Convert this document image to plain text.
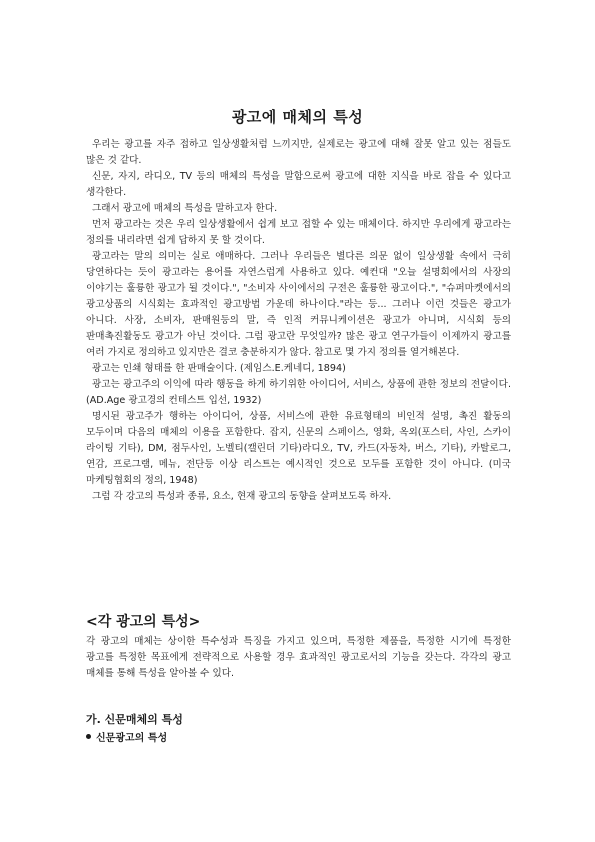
광고에 매체의 특성

우리는 광고를 자주 접하고 일상생활처럼 느끼지만, 실제로는 광고에 대해 잘못 알고 있는 점들도 많은 것 같다.

신문, 자지, 라디오, TV 등의 매체의 특성을 말함으로써 광고에 대한 지식을 바로 잡을 수 있다고 생각한다.

그래서 광고에 매체의 특성을 말하고자 한다.

먼저 광고라는 것은 우리 일상생활에서 쉽게 보고 접할 수 있는 매체이다. 하지만 우리에게 광고라는 정의를 내리라면 쉽게 답하지 못 할 것이다.

광고라는 말의 의미는 실로 애매하다. 그러나 우리들은 별다른 의문 없이 일상생활 속에서 극히 당연하다는 듯이 광고라는 용어를 자연스럽게 사용하고 있다. 예컨대 "오늘 설명회에서의 사장의 이야기는 훌륭한 광고가 될 것이다.", "소비자 사이에서의 구전은 훌륭한 광고이다.", "슈퍼마켓에서의 광고상품의 시식회는 효과적인 광고방법 가운데 하나이다."라는 등... 그러나 이런 것들은 광고가 아니다. 사장, 소비자, 판매원등의 말, 즉 인적 커뮤니케이션은 광고가 아니며, 시식회 등의 판매촉진활동도 광고가 아닌 것이다. 그럼 광고란 무엇일까? 많은 광고 연구가들이 이제까지 광고를 여러 가지로 정의하고 있지만은 결코 충분하지가 않다. 참고로 몇 가지 정의를 열거해본다.

광고는 인쇄 형태를 한 판매술이다. (제임스.E.케네디, 1894)

광고는 광고주의 이익에 따라 행동을 하게 하기위한 아이디어, 서비스, 상품에 관한 정보의 전달이다. (AD.Age 광고경의 컨테스트 입선, 1932)

명시된 광고주가 행하는 아이디어, 상품, 서비스에 관한 유료형태의 비인적 설명, 촉진 활동의 모두이며 다음의 매체의 이용을 포함한다. 잡지, 신문의 스페이스, 영화, 옥외(포스터, 사인, 스카이 라이팅 기타), DM, 점두사인, 노벨티(캘린더 기타)라디오, TV, 카드(자동차, 버스, 기타), 카탈로그, 연감, 프로그램, 메뉴, 전단등 이상 리스트는 예시적인 것으로 모두를 포함한 것이 아니다. (미국 마케팅협회의 정의, 1948)

그럼 각 강고의 특성과 종류, 요소, 현재 광고의 동향을 살펴보도록 하자.

<각 광고의 특성>

각 광고의 매체는 상이한 특수성과 특징을 가지고 있으며, 특정한 제품을, 특정한 시기에 특정한 광고를 특정한 목표에게 전략적으로 사용할 경우 효과적인 광고로서의 기능을 갖는다. 각각의 광고 매체를 통해 특성을 알아볼 수 있다.

가. 신문매체의 특성
신문광고의 특성
